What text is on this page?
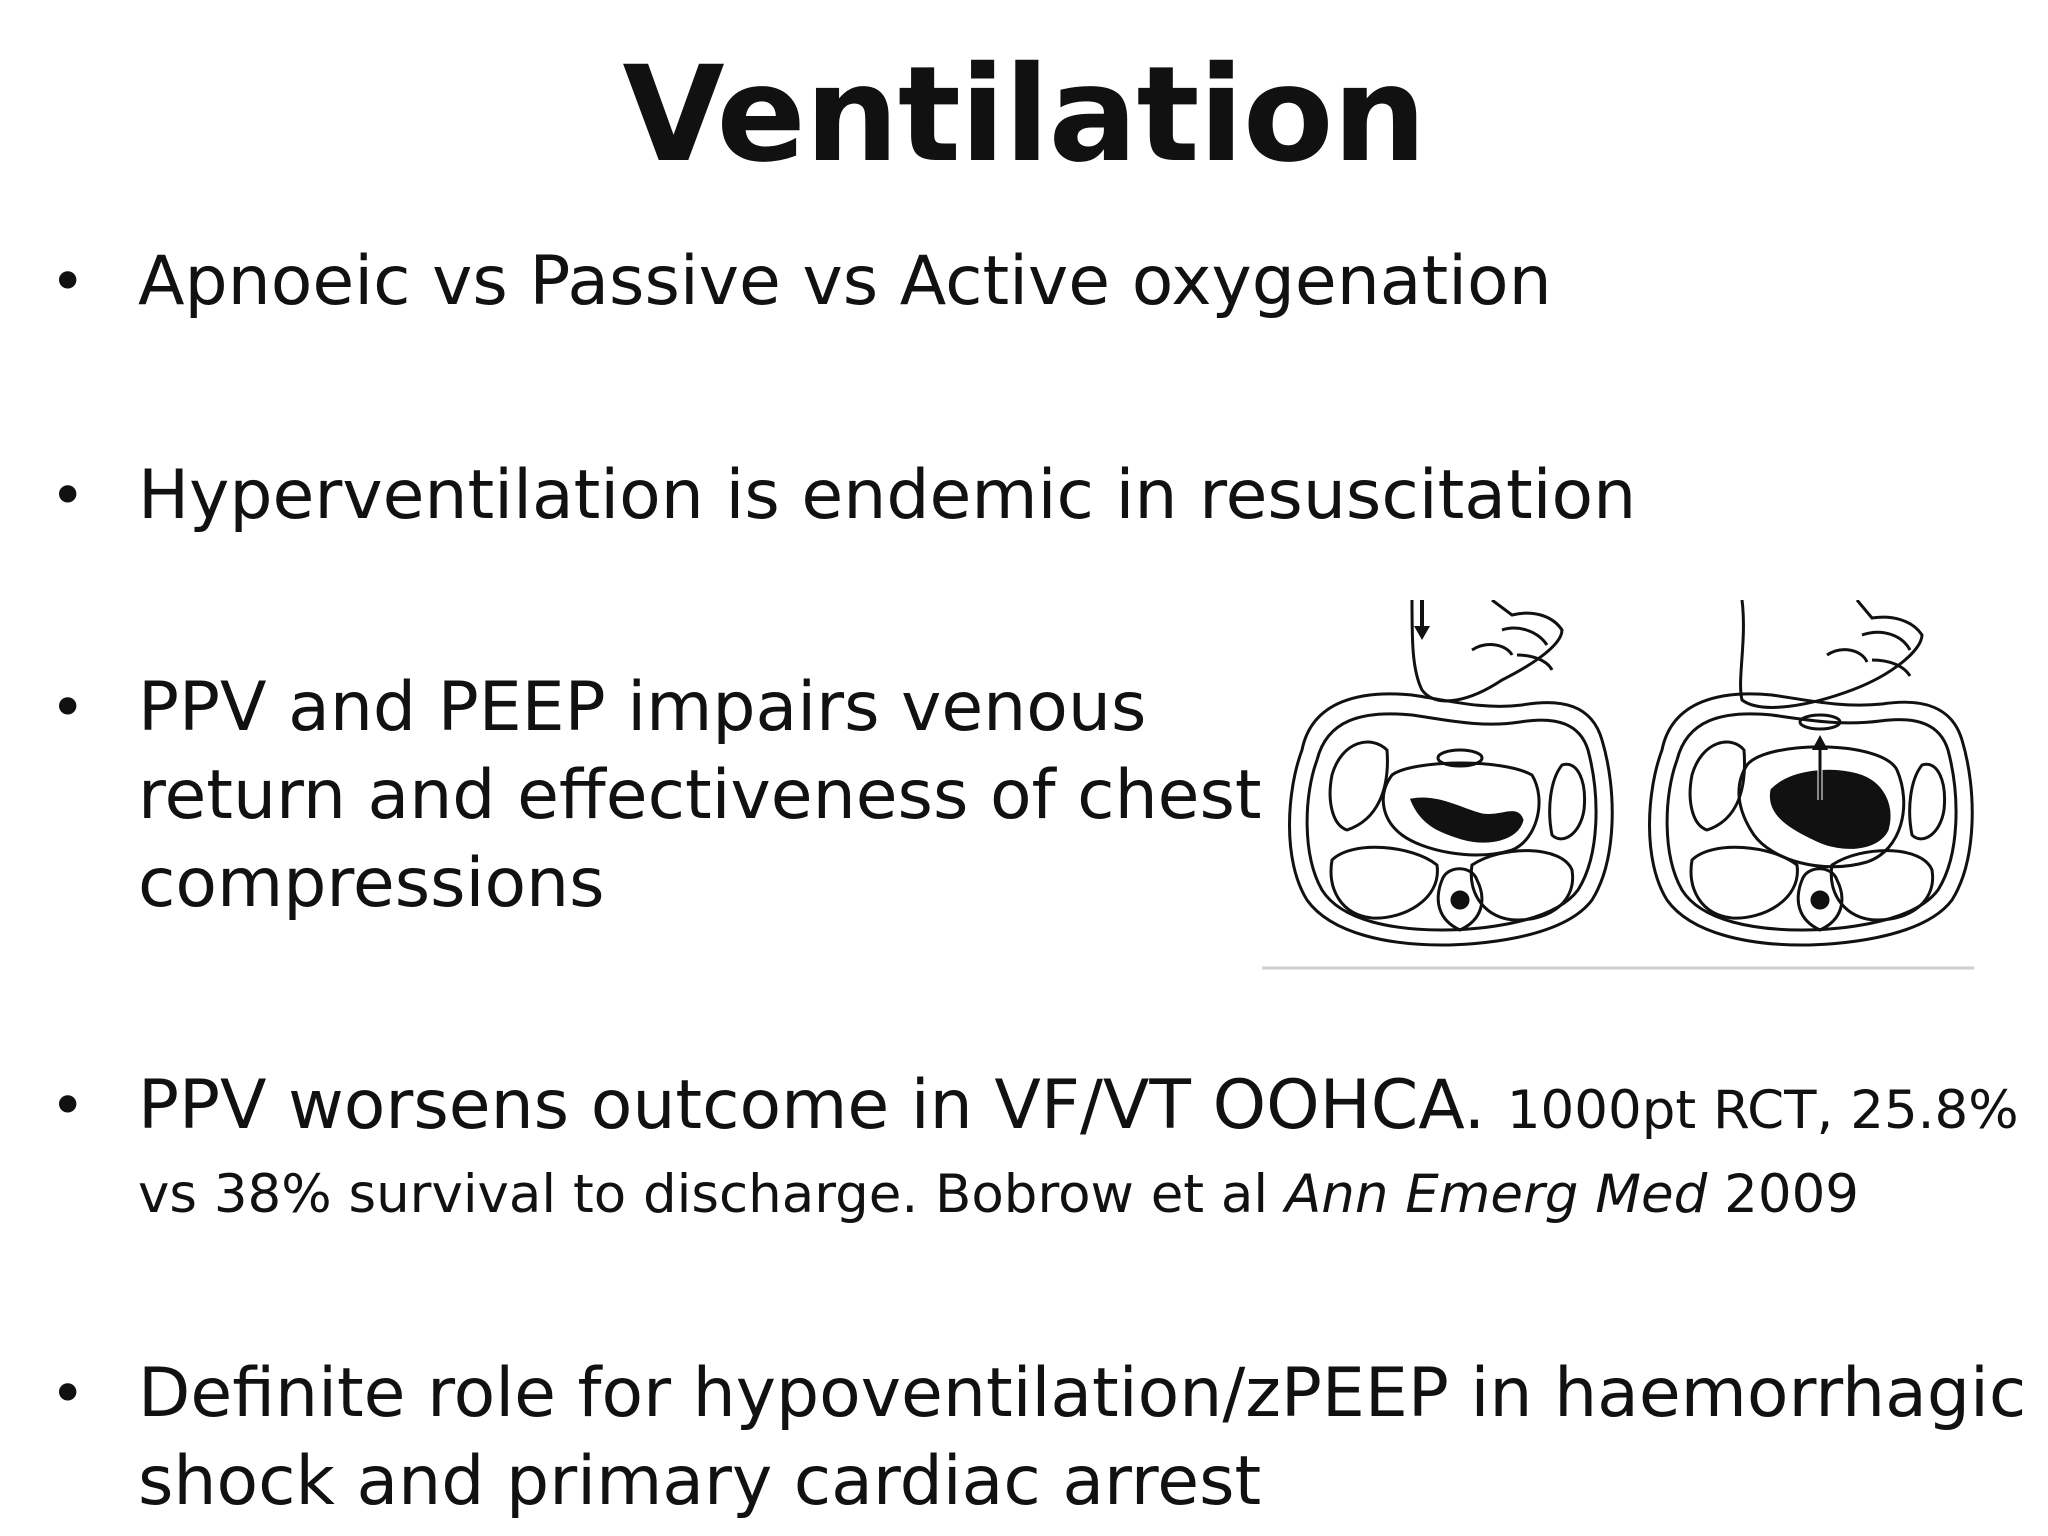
Ventilation
• Apnoeic vs Passive vs Active oxygenation
• Hyperventilation is endemic in resuscitation
• PPV and PEEP impairs venous
return and effectiveness of chest
compressions
• PPV worsens outcome in VF/VT OOHCA. 1000pt RCT, 25.8%
vs 38% survival to discharge. Bobrow et al Ann Emerg Med 2009
• Definite role for hypoventilation/zPEEP in haemorrhagic
shock and primary cardiac arrest
